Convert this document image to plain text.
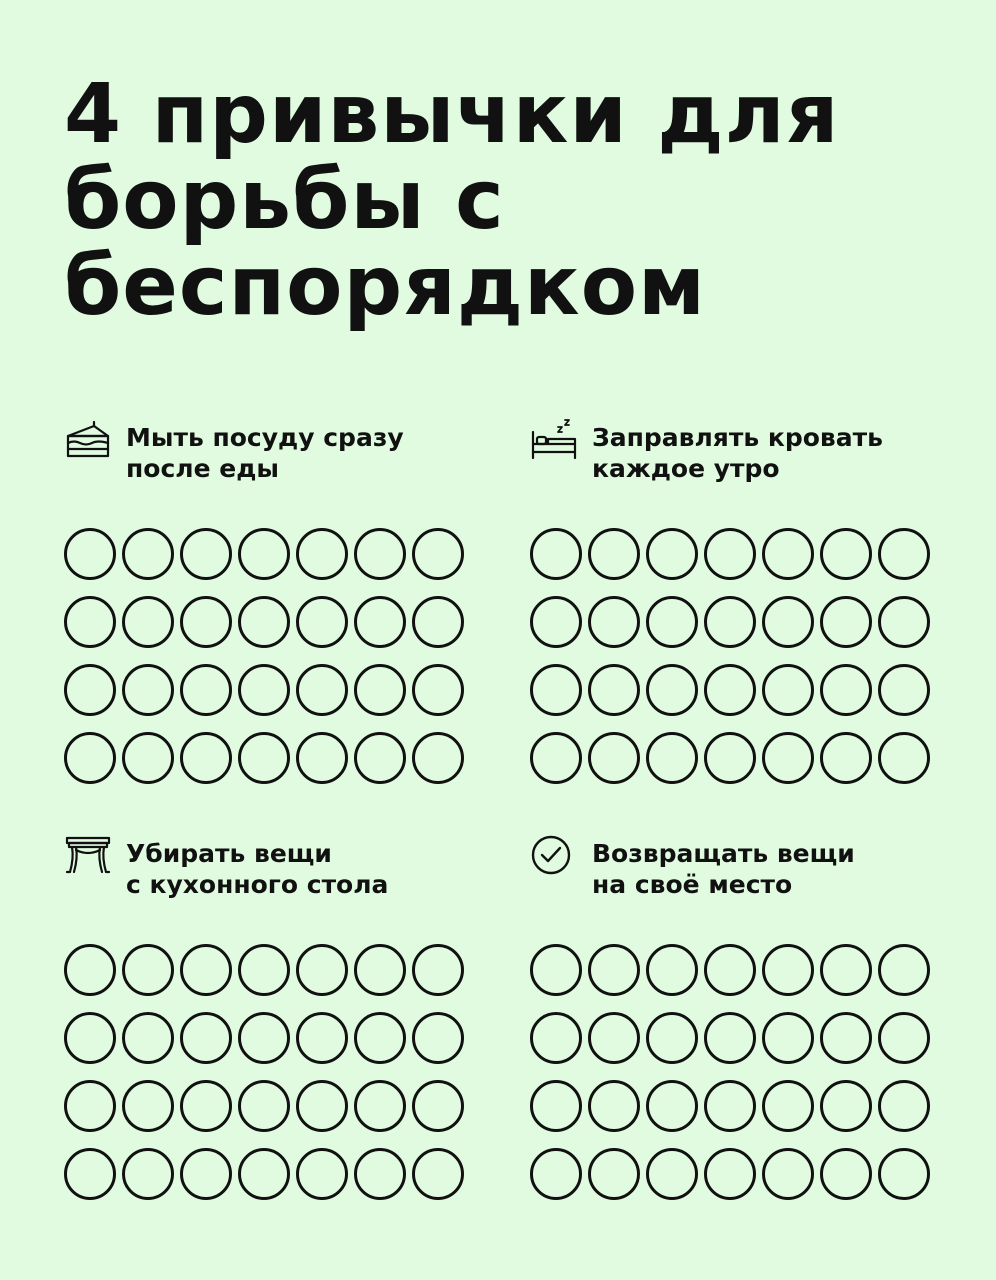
4 привычки для
борьбы с
беспорядком
Мыть посуду сразу
после еды
Заправлять кровать
каждое утро
Убирать вещи
с кухонного стола
Возвращать вещи
на своё место
